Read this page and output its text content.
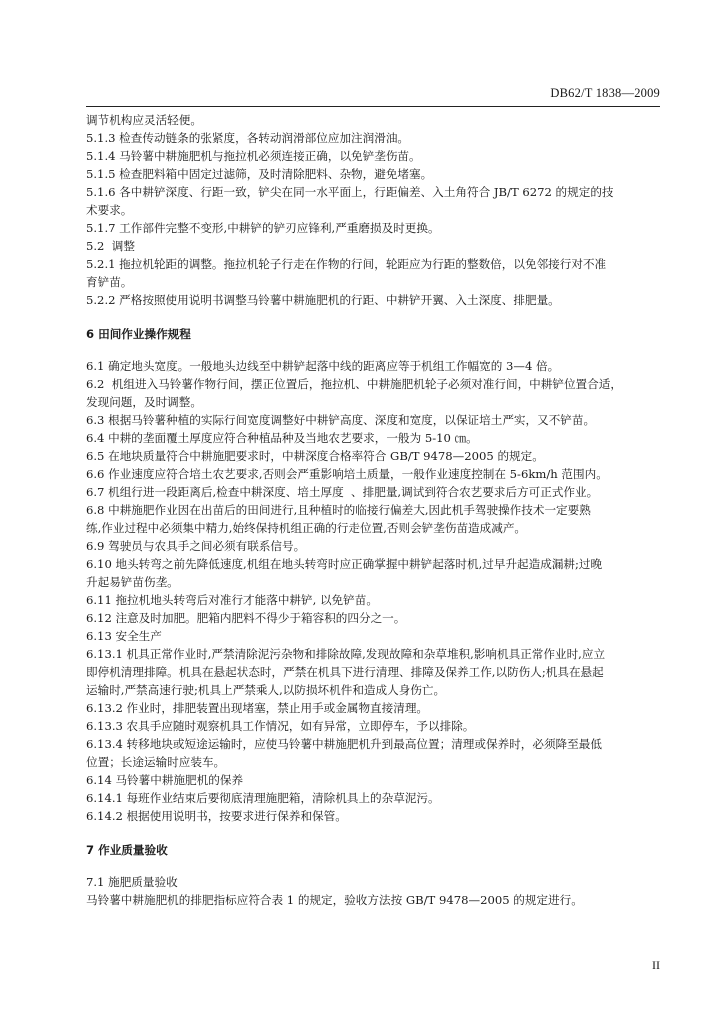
DB62/T 1838—2009
调节机构应灵活轻便。
5.1.3 检查传动链条的张紧度，各转动润滑部位应加注润滑油。
5.1.4 马铃薯中耕施肥机与拖拉机必须连接正确，以免铲垄伤苗。
5.1.5 检查肥料箱中固定过滤筛，及时清除肥料、杂物，避免堵塞。
5.1.6 各中耕铲深度、行距一致，铲尖在同一水平面上，行距偏差、入土角符合 JB/T 6272 的规定的技
术要求。
5.1.7 工作部件完整不变形,中耕铲的铲刃应锋利,严重磨损及时更换。
5.2  调整
5.2.1 拖拉机轮距的调整。拖拉机轮子行走在作物的行间，轮距应为行距的整数倍，以免邻接行对不准
育铲苗。
5.2.2 严格按照使用说明书调整马铃薯中耕施肥机的行距、中耕铲开翼、入土深度、排肥量。
6 田间作业操作规程
6.1 确定地头宽度。一般地头边线至中耕铲起落中线的距离应等于机组工作幅宽的 3—4 倍。
6.2  机组进入马铃薯作物行间，摆正位置后，拖拉机、中耕施肥机轮子必须对准行间，中耕铲位置合适，
发现问题，及时调整。
6.3 根据马铃薯种植的实际行间宽度调整好中耕铲高度、深度和宽度，以保证培土严实，又不铲苗。
6.4 中耕的垄面覆土厚度应符合种植品种及当地农艺要求，一般为 5-10 ㎝。
6.5 在地块质量符合中耕施肥要求时，中耕深度合格率符合 GB/T 9478—2005 的规定。
6.6 作业速度应符合培土农艺要求,否则会严重影响培土质量，一般作业速度控制在 5-6km/h 范围内。
6.7 机组行进一段距离后,检查中耕深度、培土厚度  、排肥量,调试到符合农艺要求后方可正式作业。
6.8 中耕施肥作业因在出苗后的田间进行,且种植时的临接行偏差大,因此机手驾驶操作技术一定要熟
练,作业过程中必须集中精力,始终保持机组正确的行走位置,否则会铲垄伤苗造成减产。
6.9 驾驶员与农具手之间必须有联系信号。
6.10 地头转弯之前先降低速度,机组在地头转弯时应正确掌握中耕铲起落时机,过早升起造成漏耕;过晚
升起易铲苗伤垄。
6.11 拖拉机地头转弯后对准行才能落中耕铲, 以免铲苗。
6.12 注意及时加肥。肥箱内肥料不得少于箱容积的四分之一。
6.13 安全生产
6.13.1 机具正常作业时,严禁清除泥污杂物和排除故障,发现故障和杂草堆积,影响机具正常作业时,应立
即停机清理排障。机具在悬起状态时，严禁在机具下进行清理、排障及保养工作,以防伤人;机具在悬起
运输时,严禁高速行驶;机具上严禁乘人,以防损坏机件和造成人身伤亡。
6.13.2 作业时，排肥装置出现堵塞，禁止用手或金属物直接清理。
6.13.3 农具手应随时观察机具工作情况，如有异常，立即停车，予以排除。
6.13.4 转移地块或短途运输时，应使马铃薯中耕施肥机升到最高位置；清理或保养时，必须降至最低
位置；长途运输时应装车。
6.14 马铃薯中耕施肥机的保养
6.14.1 每班作业结束后要彻底清理施肥箱，清除机具上的杂草泥污。
6.14.2 根据使用说明书，按要求进行保养和保管。
7 作业质量验收
7.1 施肥质量验收
马铃薯中耕施肥机的排肥指标应符合表 1 的规定，验收方法按 GB/T 9478—2005 的规定进行。
II
